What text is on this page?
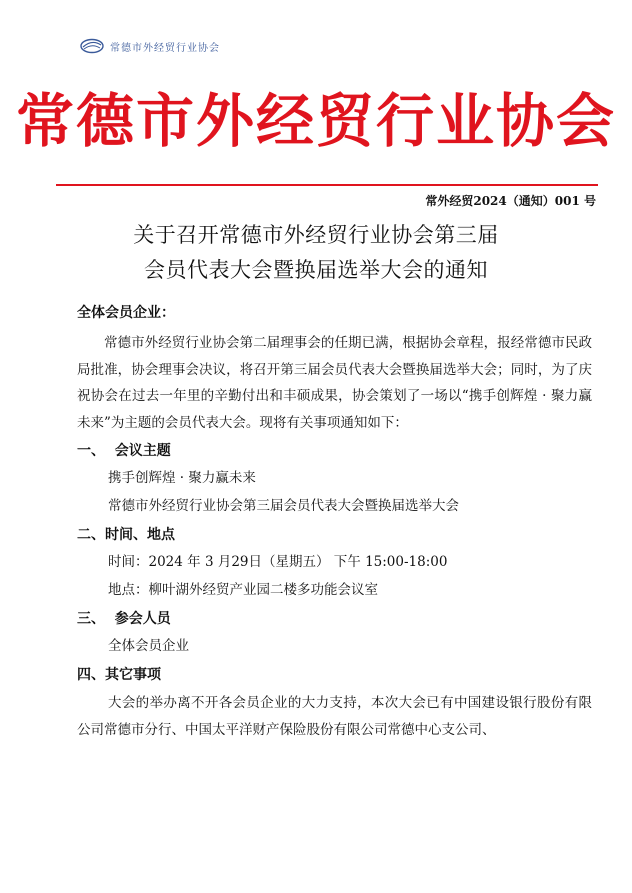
常德市外经贸行业协会
常德市外经贸行业协会
常外经贸2024（通知）001 号
关于召开常德市外经贸行业协会第三届
会员代表大会暨换届选举大会的通知
全体会员企业：

常德市外经贸行业协会第二届理事会的任期已满，根据协会章程，报经常德市民政局批准，协会理事会决议，将召开第三届会员代表大会暨换届选举大会；同时，为了庆祝协会在过去一年里的辛勤付出和丰硕成果，协会策划了一场以“携手创辉煌 · 聚力赢未来”为主题的会员代表大会。现将有关事项通知如下：

一、  会议主题
携手创辉煌 · 聚力赢未来
常德市外经贸行业协会第三届会员代表大会暨换届选举大会
二、时间、地点
时间：2024 年 3 月29日（星期五） 下午 15:00-18:00
地点：柳叶湖外经贸产业园二楼多功能会议室
三、  参会人员
全体会员企业
四、其它事项

大会的举办离不开各会员企业的大力支持，本次大会已有中国建设银行股份有限公司常德市分行、中国太平洋财产保险股份有限公司常德中心支公司、
